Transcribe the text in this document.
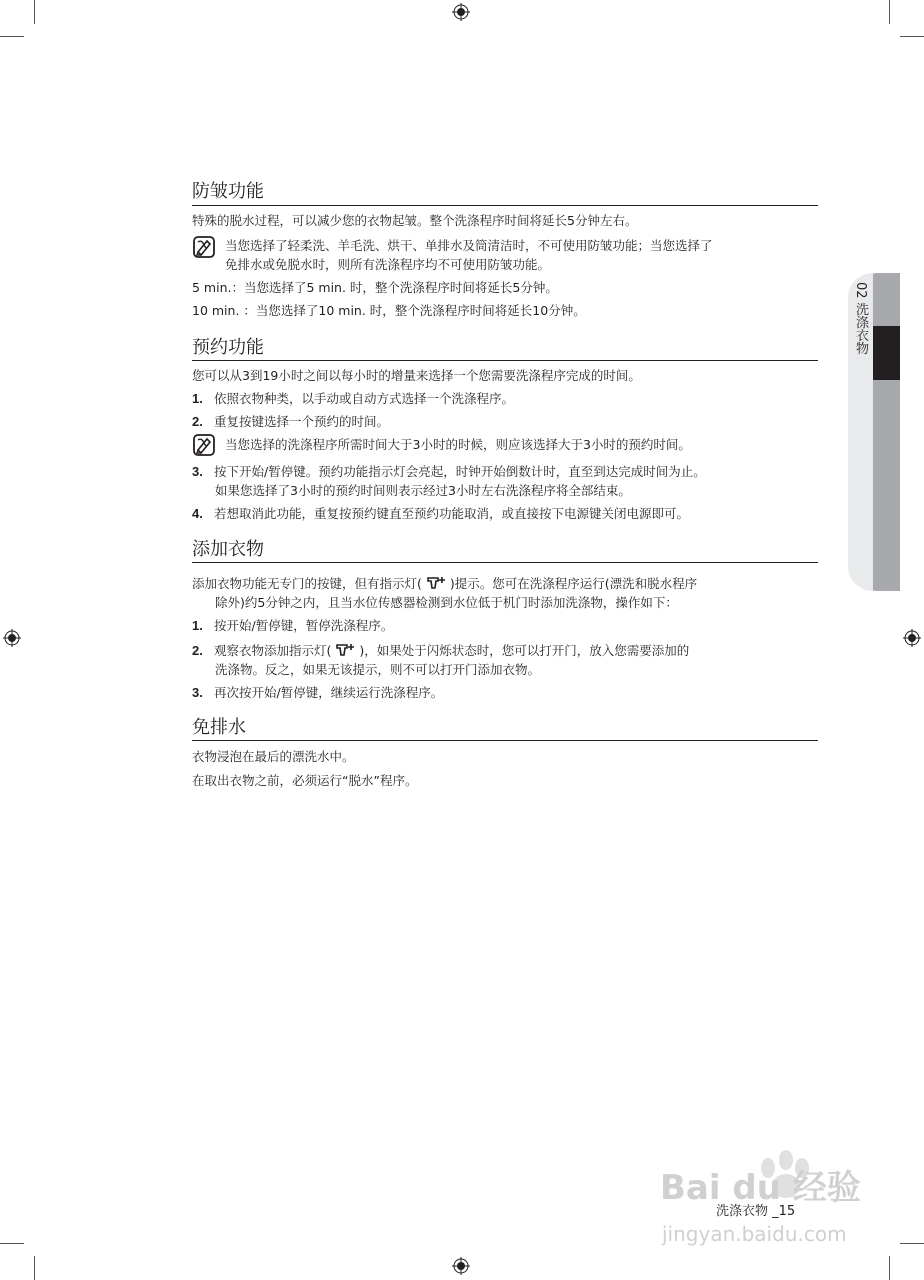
02 洗涤衣物
防皱功能
特殊的脱水过程，可以减少您的衣物起皱。整个洗涤程序时间将延长5分钟左右。
当您选择了轻柔洗、羊毛洗、烘干、单排水及筒清洁时，不可使用防皱功能；当您选择了
免排水或免脱水时，则所有洗涤程序均不可使用防皱功能。
5 min.：当您选择了5 min. 时，整个洗涤程序时间将延长5分钟。
10 min. ：当您选择了10 min. 时，整个洗涤程序时间将延长10分钟。
预约功能
您可以从3到19小时之间以每小时的增量来选择一个您需要洗涤程序完成的时间。
1. 依照衣物种类，以手动或自动方式选择一个洗涤程序。
2. 重复按键选择一个预约的时间。
当您选择的洗涤程序所需时间大于3小时的时候，则应该选择大于3小时的预约时间。
3. 按下开始/暂停键。预约功能指示灯会亮起，时钟开始倒数计时，直至到达完成时间为止。
如果您选择了3小时的预约时间则表示经过3小时左右洗涤程序将全部结束。
4. 若想取消此功能，重复按预约键直至预约功能取消，或直接按下电源键关闭电源即可。
添加衣物
添加衣物功能无专门的按键，但有指示灯( )提示。您可在洗涤程序运行(漂洗和脱水程序
除外)约5分钟之内，且当水位传感器检测到水位低于机门时添加洗涤物，操作如下：
1. 按开始/暂停键，暂停洗涤程序。
2. 观察衣物添加指示灯( )，如果处于闪烁状态时，您可以打开门，放入您需要添加的
洗涤物。反之，如果无该提示，则不可以打开门添加衣物。
3. 再次按开始/暂停键，继续运行洗涤程序。
免排水
衣物浸泡在最后的漂洗水中。
在取出衣物之前，必须运行“脱水”程序。
洗涤衣物 _15
Bai du 经验
jingyan.baidu.com
